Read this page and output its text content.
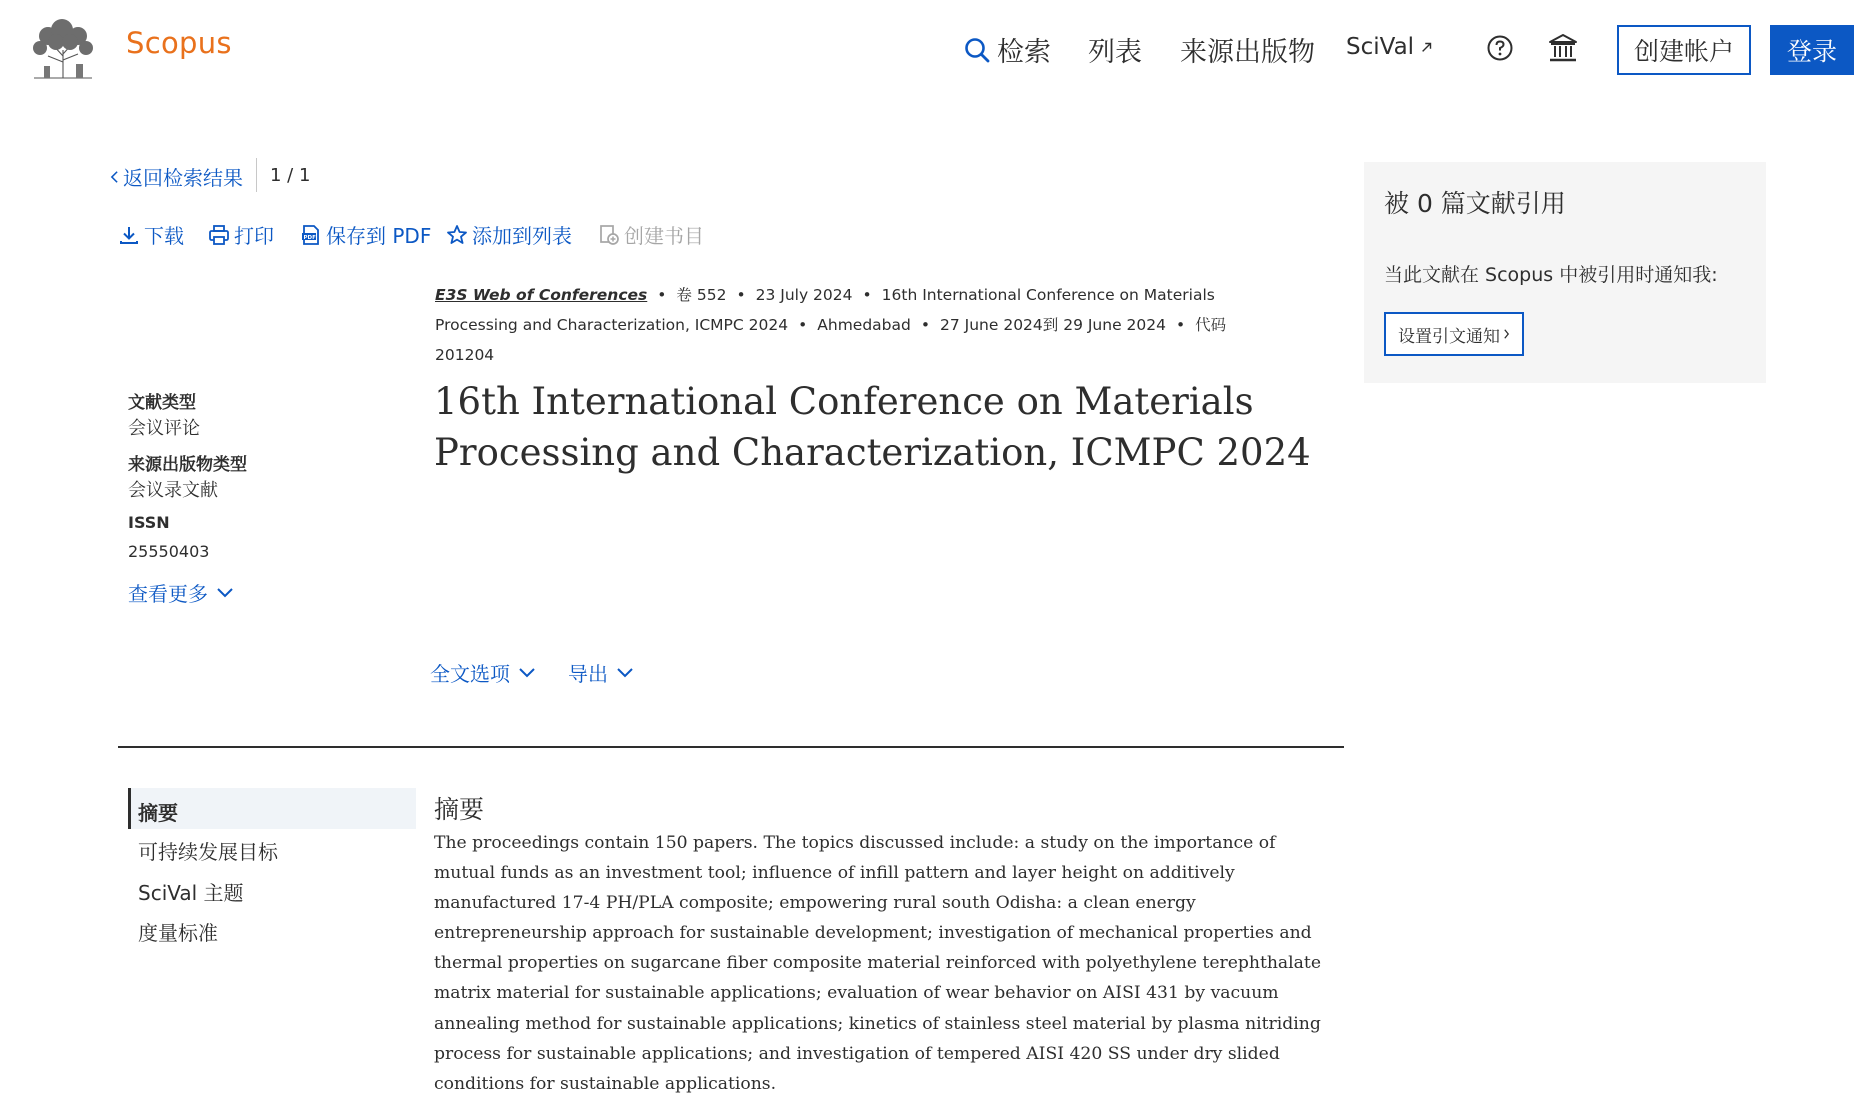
Scopus	检索 列表 来源出版物 SciVal	创建帐户	登录
返回检索结果 1 / 1
下载	打印	PDF 保存到 PDF 添加到列表	创建书目
E3S Web of Conferences • 卷 552 • 23 July 2024 • 16th International Conference on Materials Processing and Characterization, ICMPC 2024 • Ahmedabad • 27 June 2024到 29 June 2024 • 代码 201204
文献类型
会议评论
来源出版物类型
会议录文献
ISSN
25550403
查看更多
16th International Conference on Materials Processing and Characterization, ICMPC 2024
全文选项	导出
摘要
可持续发展目标
SciVal 主题
度量标准
摘要
The proceedings contain 150 papers. The topics discussed include: a study on the importance of mutual funds as an investment tool; influence of infill pattern and layer height on additively manufactured 17-4 PH/PLA composite; empowering rural south Odisha: a clean energy entrepreneurship approach for sustainable development; investigation of mechanical properties and thermal properties on sugarcane fiber composite material reinforced with polyethylene terephthalate matrix material for sustainable applications; evaluation of wear behavior on AISI 431 by vacuum annealing method for sustainable applications; kinetics of stainless steel material by plasma nitriding process for sustainable applications; and investigation of tempered AISI 420 SS under dry slided conditions for sustainable applications.
被 0 篇文献引用
当此文献在 Scopus 中被引用时通知我:
设置引文通知
